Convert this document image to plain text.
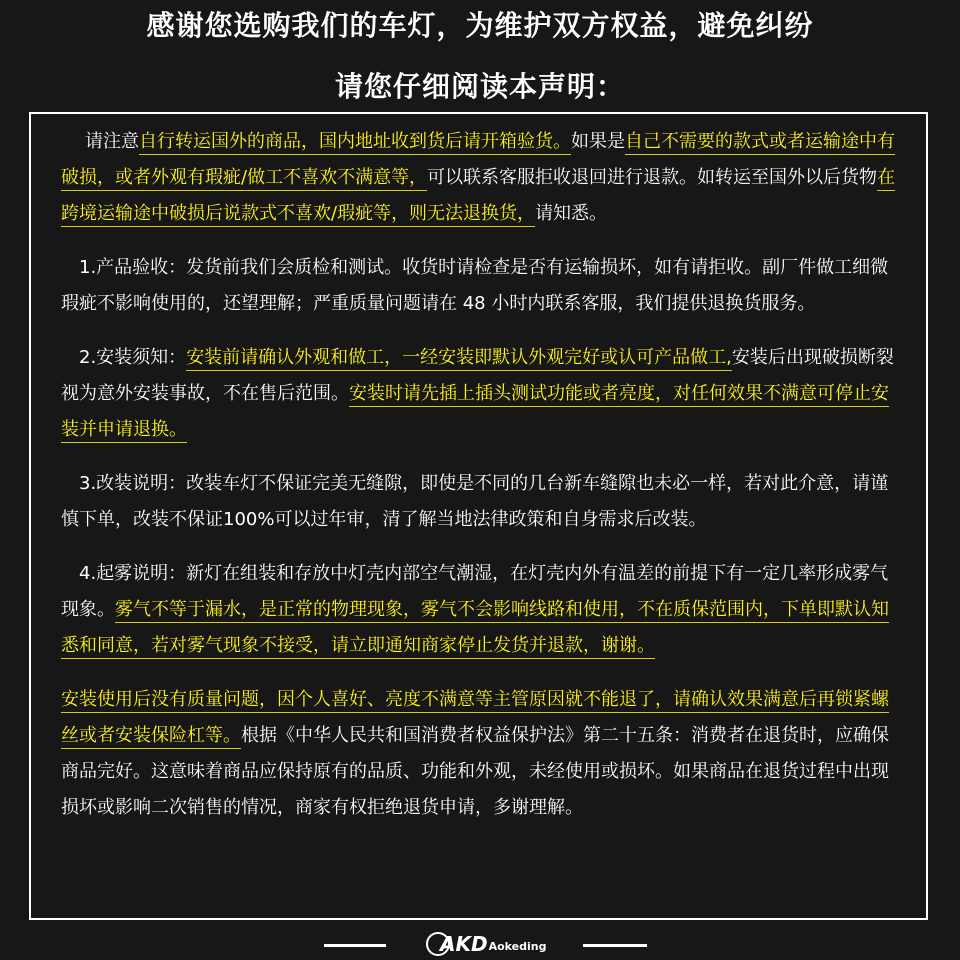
感谢您选购我们的车灯，为维护双方权益，避免纠纷
请您仔细阅读本声明：

请注意自行转运国外的商品，国内地址收到货后请开箱验货。如果是自己不需要的款式或者运输途中有破损，或者外观有瑕疵/做工不喜欢不满意等，可以联系客服拒收退回进行退款。如转运至国外以后货物在跨境运输途中破损后说款式不喜欢/瑕疵等，则无法退换货，请知悉。

1.产品验收：发货前我们会质检和测试。收货时请检查是否有运输损坏，如有请拒收。副厂件做工细微瑕疵不影响使用的，还望理解；严重质量问题请在 48 小时内联系客服，我们提供退换货服务。

2.安装须知：安装前请确认外观和做工，一经安装即默认外观完好或认可产品做工,安装后出现破损断裂视为意外安装事故，不在售后范围。安装时请先插上插头测试功能或者亮度，对任何效果不满意可停止安装并申请退换。

3.改装说明：改装车灯不保证完美无缝隙，即使是不同的几台新车缝隙也未必一样，若对此介意，请谨慎下单，改装不保证100%可以过年审，清了解当地法律政策和自身需求后改装。

4.起雾说明：新灯在组装和存放中灯壳内部空气潮湿，在灯壳内外有温差的前提下有一定几率形成雾气现象。雾气不等于漏水，是正常的物理现象，雾气不会影响线路和使用，不在质保范围内，下单即默认知悉和同意，若对雾气现象不接受，请立即通知商家停止发货并退款，谢谢。

安装使用后没有质量问题，因个人喜好、亮度不满意等主管原因就不能退了，请确认效果满意后再锁紧螺丝或者安装保险杠等。根据《中华人民共和国消费者权益保护法》第二十五条：消费者在退货时，应确保商品完好。这意味着商品应保持原有的品质、功能和外观，未经使用或损坏。如果商品在退货过程中出现损坏或影响二次销售的情况，商家有权拒绝退货申请，多谢理解。

AKD Aokeding
